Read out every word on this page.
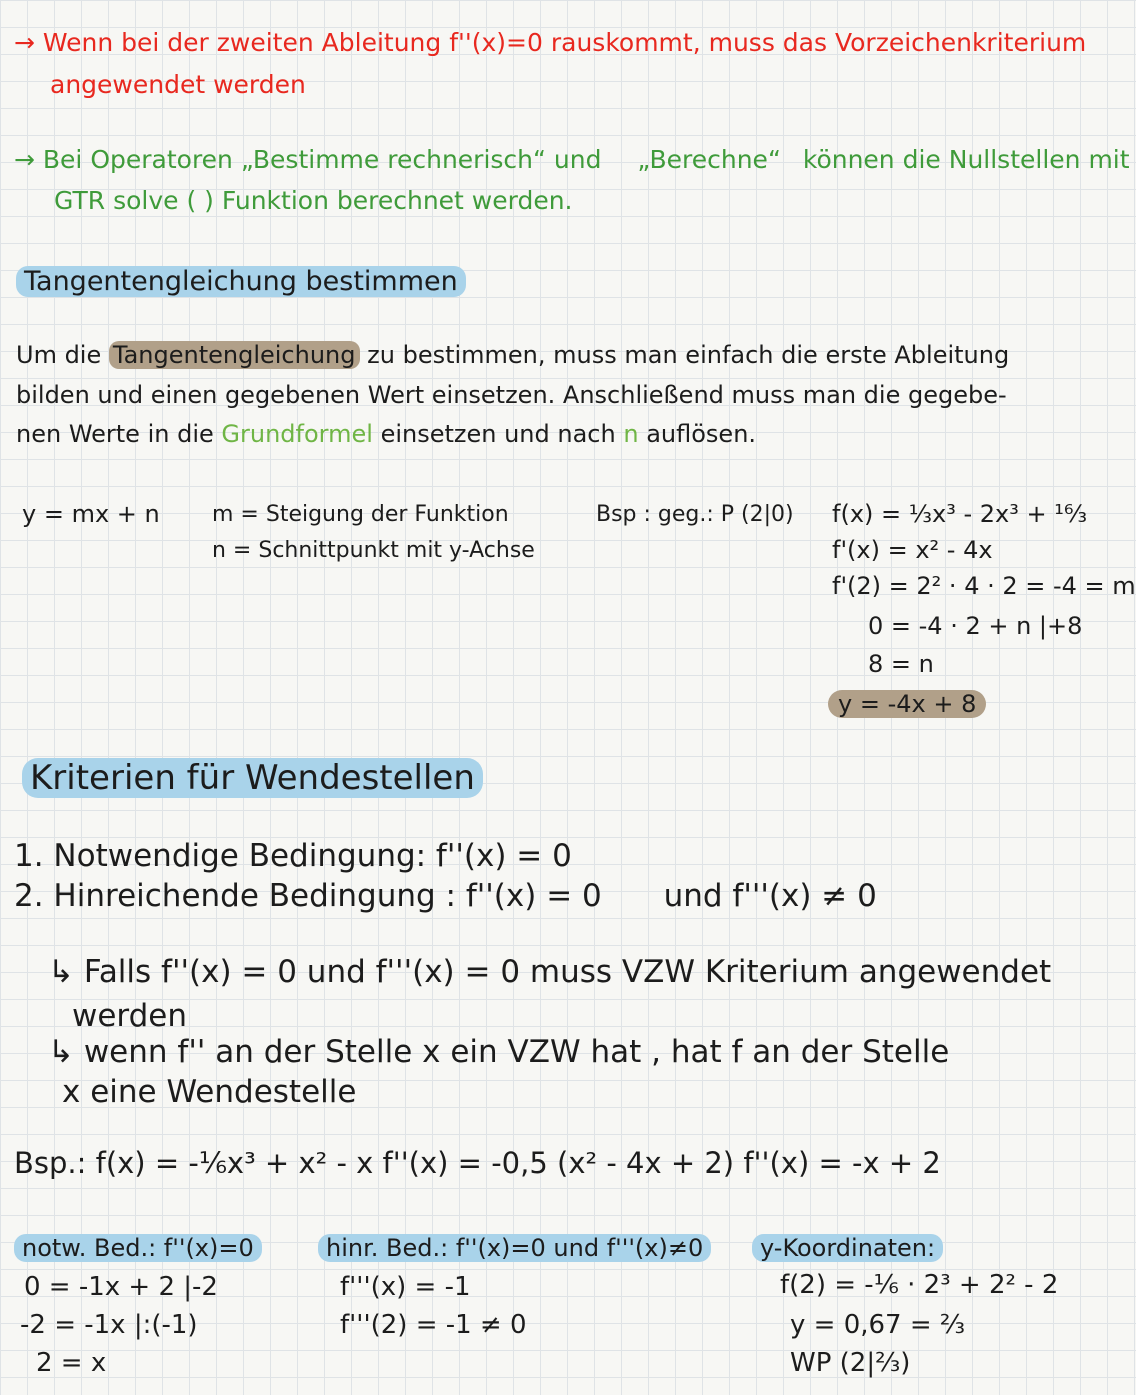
→ Wenn bei der zweiten Ableitung f''(x)=0 rauskommt, muss das Vorzeichenkriterium
angewendet werden
→ Bei Operatoren „Bestimme rechnerisch“ und „Berechne“ können die Nullstellen mit
GTR solve ( ) Funktion berechnet werden.
Tangentengleichung bestimmen
Um die Tangentengleichung zu bestimmen, muss man einfach die erste Ableitung
bilden und einen gegebenen Wert einsetzen. Anschließend muss man die gegebe-
nen Werte in die Grundformel einsetzen und nach n auflösen.
y = mx + n m = Steigung der Funktion
n = Schnittpunkt mit y-Achse
Bsp : geg.: P (2|0) f(x) = ⅓x³ - 2x³ + ¹⁶⁄₃
f'(x) = x² - 4x
f'(2) = 2² · 4 · 2 = -4 = m
0 = -4 · 2 + n |+8
8 = n
y = -4x + 8
Kriterien für Wendestellen
1. Notwendige Bedingung: f''(x) = 0
2. Hinreichende Bedingung : f''(x) = 0 und f'''(x) ≠ 0
↳ Falls f''(x) = 0 und f'''(x) = 0 muss VZW Kriterium angewendet
werden
↳ wenn f'' an der Stelle x ein VZW hat , hat f an der Stelle
x eine Wendestelle
Bsp.: f(x) = -⅙x³ + x² - x f''(x) = -0,5 (x² - 4x + 2) f''(x) = -x + 2
notw. Bed.: f''(x)=0
0 = -1x + 2 |-2
-2 = -1x |:(-1)
2 = x
hinr. Bed.: f''(x)=0 und f'''(x)≠0
f'''(x) = -1
f'''(2) = -1 ≠ 0
y-Koordinaten:
f(2) = -⅙ · 2³ + 2² - 2
y = 0,67 = ⅔
WP (2|⅔)
